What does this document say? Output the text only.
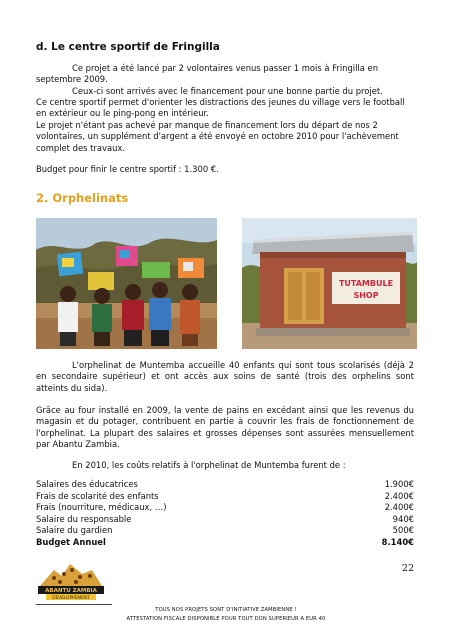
d. Le centre sportif de Fringilla

Ce projet a été lancé par 2 volontaires venus passer 1 mois à Fringilla en septembre 2009.

Ceux-ci sont arrivés avec le financement pour une bonne partie du projet.

Ce centre sportif permet d'orienter les distractions des jeunes du village vers le football en extérieur ou le ping-pong en intérieur.

Le projet n'étant pas achevé par manque de financement lors du départ de nos 2 volontaires, un supplément d'argent a été envoyé en octobre 2010 pour l'achèvement complet des travaux.

Budget pour finir le centre sportif : 1.300 €.

2. Orphelinats
TUTAMBULE
SHOP

L'orphelinat de Muntemba accueille 40 enfants qui sont tous scolarisés (déjà 2 en secondaire supérieur) et ont accès aux soins de santé (trois des orphelins sont atteints du sida).

Grâce au four installé en 2009, la vente de pains en excédant ainsi que les revenus du magasin et du potager, contribuent en partie à couvrir les frais de fonctionnement de l'orphelinat. La plupart des salaires et grosses dépenses sont assurées mensuellement par Abantu Zambia.

En 2010, les coûts relatifs à l'orphelinat de Muntemba furent de :

Salaires des éducatrices	1.900€
Frais de scolarité des enfants	2.400€
Frais (nourriture, médicaux, …)	2.400€
Salaire du responsable	940€
Salaire du gardien	500€
Budget Annuel	8.140€
22
ABANTU ZAMBIA
DEVELOPPEMENT
TOUS NOS PROJETS SONT D'INITIATIVE ZAMBIENNE !
ATTESTATION FISCALE DISPONIBLE POUR TOUT DON SUPERIEUR A EUR 40
